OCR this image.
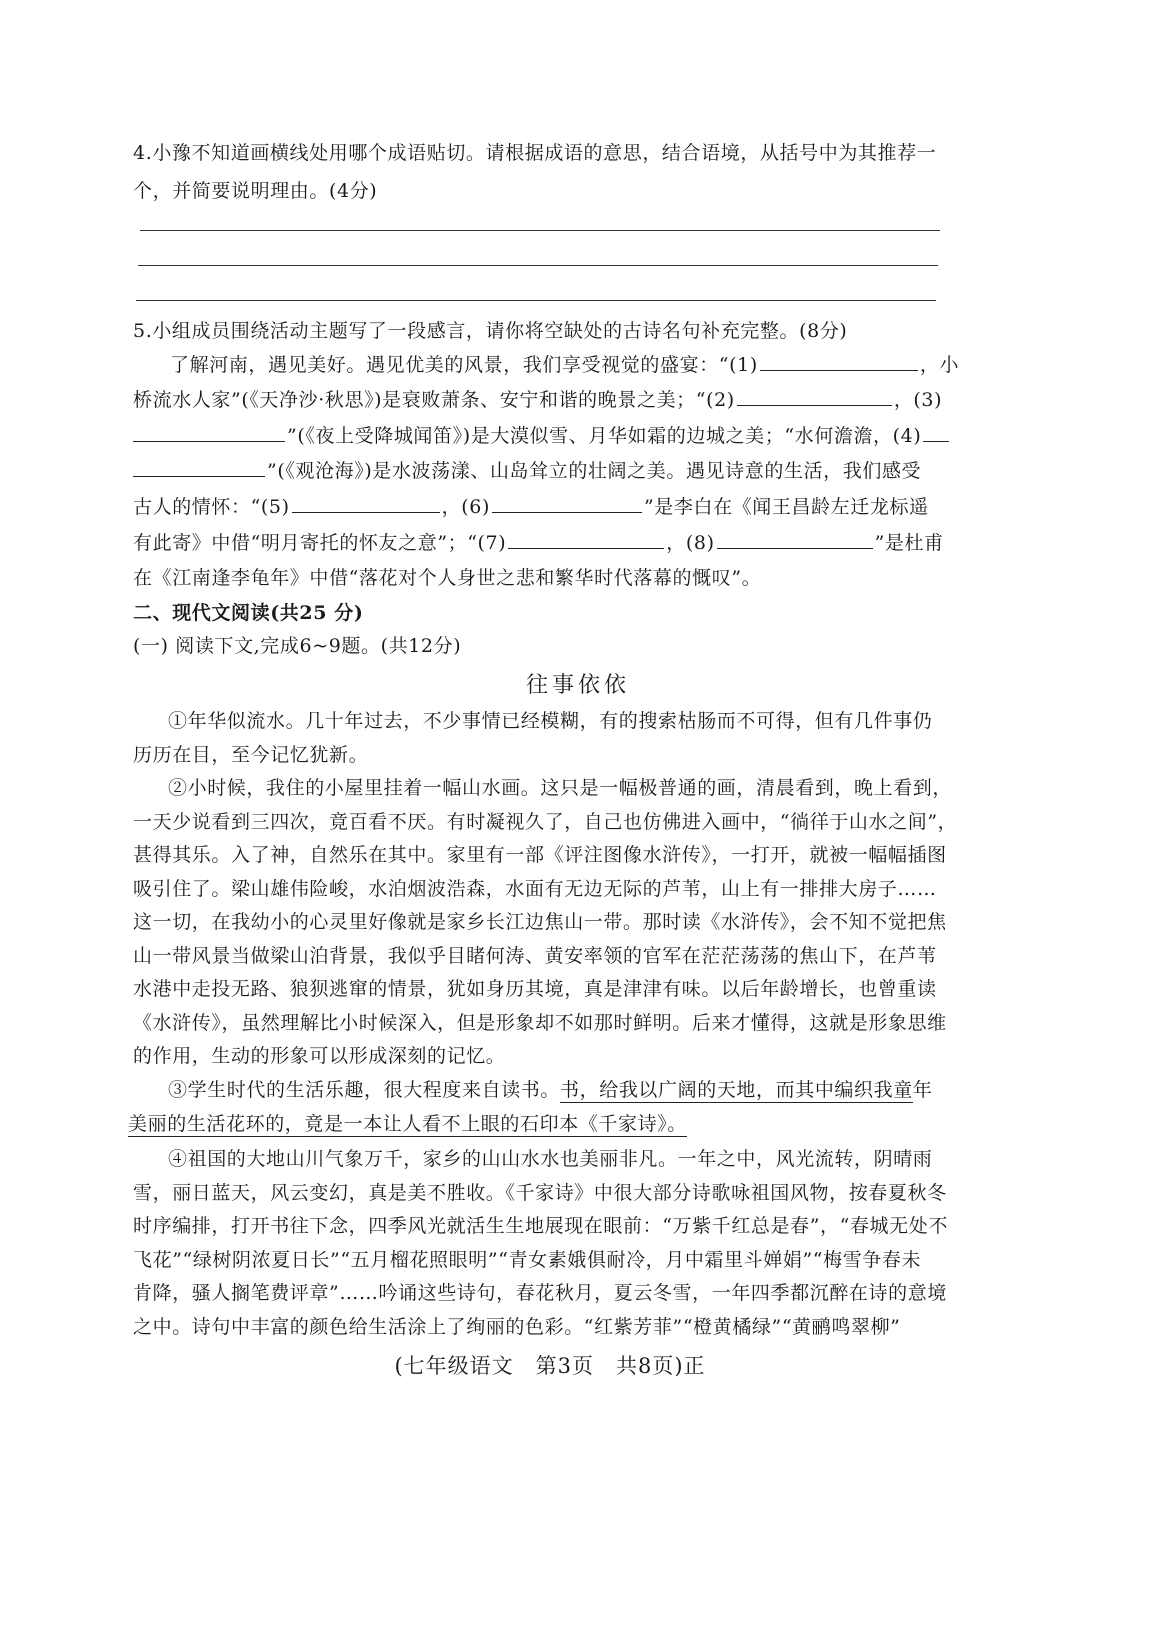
4.小豫不知道画横线处用哪个成语贴切。请根据成语的意思，结合语境，从括号中为其推荐一
个，并简要说明理由。(4分)
5.小组成员围绕活动主题写了一段感言，请你将空缺处的古诗名句补充完整。(8分)
了解河南，遇见美好。遇见优美的风景，我们享受视觉的盛宴：“(1)	，小
桥流水人家”(《天净沙·秋思》)是衰败萧条、安宁和谐的晚景之美；“(2)	，(3)
”(《夜上受降城闻笛》)是大漠似雪、月华如霜的边城之美；“水何澹澹，(4)
”(《观沧海》)是水波荡漾、山岛耸立的壮阔之美。遇见诗意的生活，我们感受
古人的情怀：“(5)	，(6)	”是李白在《闻王昌龄左迁龙标遥
有此寄》中借“明月寄托的怀友之意”；“(7)	，(8)	”是杜甫
在《江南逢李龟年》中借“落花对个人身世之悲和繁华时代落幕的慨叹”。
二、现代文阅读(共25 分)
(一) 阅读下文,完成6~9题。(共12分)
往事依依
①年华似流水。几十年过去，不少事情已经模糊，有的搜索枯肠而不可得，但有几件事仍
历历在目，至今记忆犹新。
②小时候，我住的小屋里挂着一幅山水画。这只是一幅极普通的画，清晨看到，晚上看到，
一天少说看到三四次，竟百看不厌。有时凝视久了，自己也仿佛进入画中，“徜徉于山水之间”，
甚得其乐。入了神，自然乐在其中。家里有一部《评注图像水浒传》，一打开，就被一幅幅插图
吸引住了。梁山雄伟险峻，水泊烟波浩森，水面有无边无际的芦苇，山上有一排排大房子……
这一切，在我幼小的心灵里好像就是家乡长江边焦山一带。那时读《水浒传》，会不知不觉把焦
山一带风景当做梁山泊背景，我似乎目睹何涛、黄安率领的官军在茫茫荡荡的焦山下，在芦苇
水港中走投无路、狼狈逃窜的情景，犹如身历其境，真是津津有味。以后年龄增长，也曾重读
《水浒传》，虽然理解比小时候深入，但是形象却不如那时鲜明。后来才懂得，这就是形象思维
的作用，生动的形象可以形成深刻的记忆。
③学生时代的生活乐趣，很大程度来自读书。书，给我以广阔的天地，而其中编织我童年
美丽的生活花环的，竟是一本让人看不上眼的石印本《千家诗》。
④祖国的大地山川气象万千，家乡的山山水水也美丽非凡。一年之中，风光流转，阴晴雨
雪，丽日蓝天，风云变幻，真是美不胜收。《千家诗》中很大部分诗歌咏祖国风物，按春夏秋冬
时序编排，打开书往下念，四季风光就活生生地展现在眼前：“万紫千红总是春”，“春城无处不
飞花”“绿树阴浓夏日长”“五月榴花照眼明”“青女素娥俱耐冷，月中霜里斗婵娟”“梅雪争春未
肯降，骚人搁笔费评章”……吟诵这些诗句，春花秋月，夏云冬雪，一年四季都沉醉在诗的意境
之中。诗句中丰富的颜色给生活涂上了绚丽的色彩。“红紫芳菲”“橙黄橘绿”“黄鹂鸣翠柳”
(七年级语文　第3页　共8页)正
